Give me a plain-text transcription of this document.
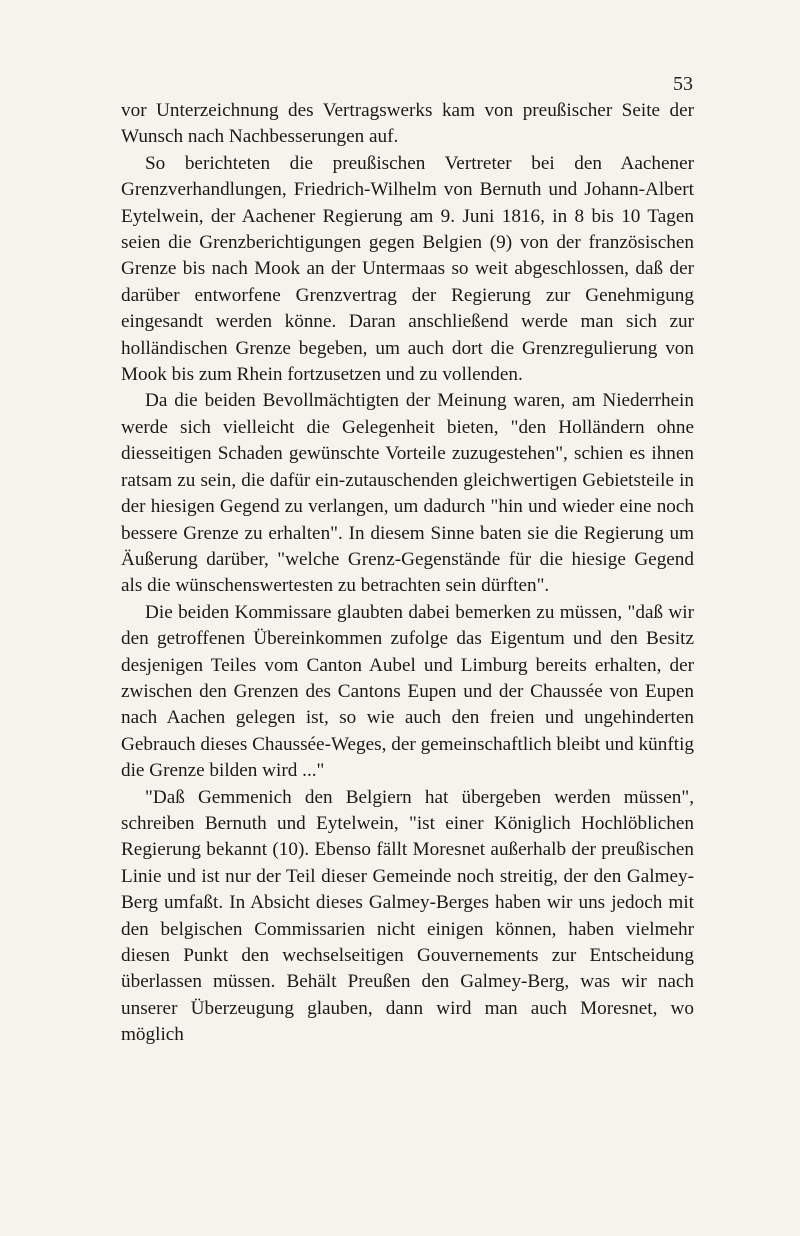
53

vor Unterzeichnung des Vertragswerks kam von preußischer Seite der Wunsch nach Nachbesserungen auf.

So berichteten die preußischen Vertreter bei den Aachener Grenzverhandlungen, Friedrich-Wilhelm von Bernuth und Johann-Albert Eytelwein, der Aachener Regierung am 9. Juni 1816, in 8 bis 10 Tagen seien die Grenzberichtigungen gegen Belgien (9) von der französischen Grenze bis nach Mook an der Untermaas so weit abgeschlossen, daß der darüber entworfene Grenzvertrag der Regierung zur Genehmigung eingesandt werden könne. Daran anschließend werde man sich zur holländischen Grenze begeben, um auch dort die Grenzregulierung von Mook bis zum Rhein fortzusetzen und zu vollenden.

Da die beiden Bevollmächtigten der Meinung waren, am Niederrhein werde sich vielleicht die Gelegenheit bieten, "den Holländern ohne diesseitigen Schaden gewünschte Vorteile zuzugestehen", schien es ihnen ratsam zu sein, die dafür ein-zutauschenden gleichwertigen Gebietsteile in der hiesigen Gegend zu verlangen, um dadurch "hin und wieder eine noch bessere Grenze zu erhalten". In diesem Sinne baten sie die Regierung um Äußerung darüber, "welche Grenz-Gegenstände für die hiesige Gegend als die wünschenswertesten zu betrachten sein dürften".

Die beiden Kommissare glaubten dabei bemerken zu müssen, "daß wir den getroffenen Übereinkommen zufolge das Eigentum und den Besitz desjenigen Teiles vom Canton Aubel und Limburg bereits erhalten, der zwischen den Grenzen des Cantons Eupen und der Chaussée von Eupen nach Aachen gelegen ist, so wie auch den freien und ungehinderten Gebrauch dieses Chaussée-Weges, der gemeinschaftlich bleibt und künftig die Grenze bilden wird ..."

"Daß Gemmenich den Belgiern hat übergeben werden müssen", schreiben Bernuth und Eytelwein, "ist einer Königlich Hochlöblichen Regierung bekannt (10). Ebenso fällt Moresnet außerhalb der preußischen Linie und ist nur der Teil dieser Gemeinde noch streitig, der den Galmey-Berg umfaßt. In Absicht dieses Galmey-Berges haben wir uns jedoch mit den belgischen Commissarien nicht einigen können, haben vielmehr diesen Punkt den wechselseitigen Gouvernements zur Entscheidung überlassen müssen. Behält Preußen den Galmey-Berg, was wir nach unserer Überzeugung glauben, dann wird man auch Moresnet, wo möglich
